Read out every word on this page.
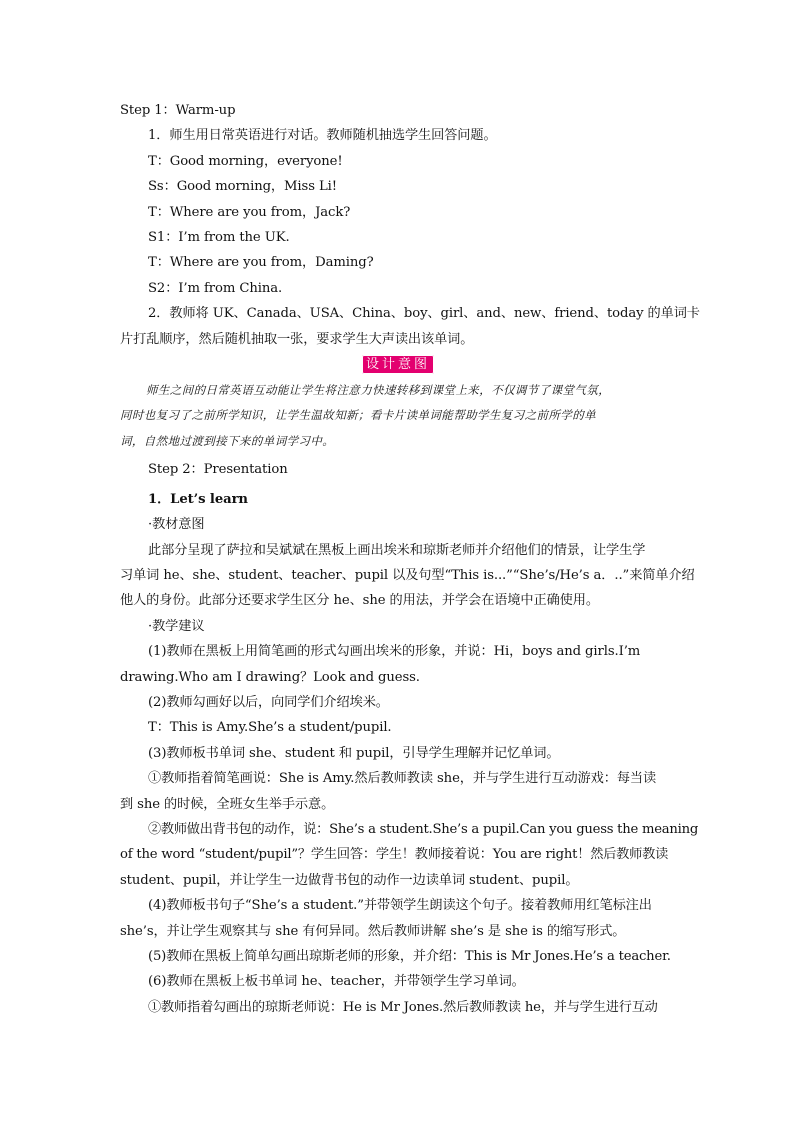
Step 1：Warm-up
1．师生用日常英语进行对话。教师随机抽选学生回答问题。
T：Good morning，everyone!
Ss：Good morning，Miss Li!
T：Where are you from，Jack?
S1：I’m from the UK.
T：Where are you from，Daming?
S2：I’m from China.
2．教师将 UK、Canada、USA、China、boy、girl、and、new、friend、today 的单词卡
片打乱顺序，然后随机抽取一张，要求学生大声读出该单词。
设计意图
师生之间的日常英语互动能让学生将注意力快速转移到课堂上来，不仅调节了课堂气氛，
同时也复习了之前所学知识，让学生温故知新；看卡片读单词能帮助学生复习之前所学的单
词，自然地过渡到接下来的单词学习中。
Step 2：Presentation
1．Let’s learn
·教材意图
此部分呈现了萨拉和吴斌斌在黑板上画出埃米和琼斯老师并介绍他们的情景，让学生学
习单词 he、she、student、teacher、pupil 以及句型“This is...”“She’s/He’s a．..”来简单介绍
他人的身份。此部分还要求学生区分 he、she 的用法，并学会在语境中正确使用。
·教学建议
(1)教师在黑板上用简笔画的形式勾画出埃米的形象，并说：Hi，boys and girls.I’m
drawing.Who am I drawing？Look and guess.
(2)教师勾画好以后，向同学们介绍埃米。
T：This is Amy.She’s a student/pupil.
(3)教师板书单词 she、student 和 pupil，引导学生理解并记忆单词。
①教师指着简笔画说：She is Amy.然后教师教读 she，并与学生进行互动游戏：每当读
到 she 的时候，全班女生举手示意。
②教师做出背书包的动作，说：She’s a student.She’s a pupil.Can you guess the meaning
of the word “student/pupil”？学生回答：学生！教师接着说：You are right！然后教师教读
student、pupil，并让学生一边做背书包的动作一边读单词 student、pupil。
(4)教师板书句子“She’s a student.”并带领学生朗读这个句子。接着教师用红笔标注出
she’s，并让学生观察其与 she 有何异同。然后教师讲解 she’s 是 she is 的缩写形式。
(5)教师在黑板上简单勾画出琼斯老师的形象，并介绍：This is Mr Jones.He’s a teacher.
(6)教师在黑板上板书单词 he、teacher，并带领学生学习单词。
①教师指着勾画出的琼斯老师说：He is Mr Jones.然后教师教读 he，并与学生进行互动
